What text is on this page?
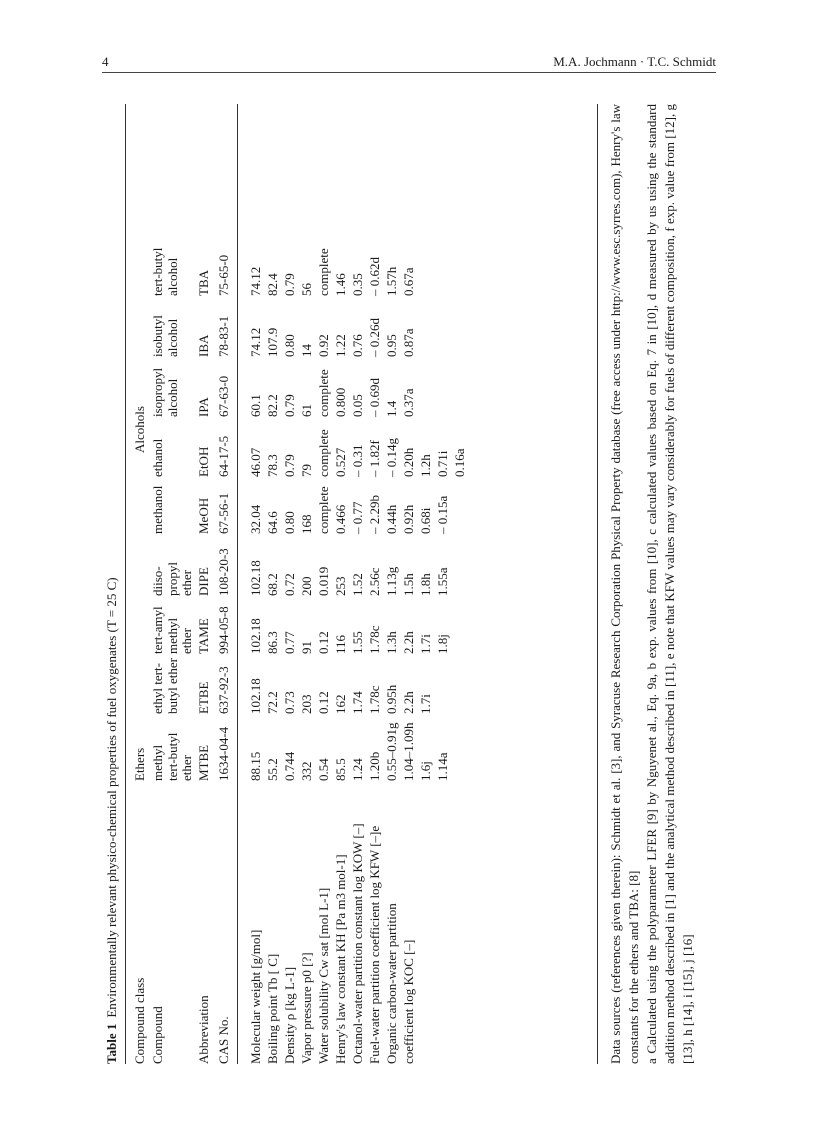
4	M.A. Jochmann · T.C. Schmidt
Table 1Environmentally relevant physico-chemical properties of fuel oxygenates (T = 25 C)
Compound class
Ethers
Alcohols
Compound Abbreviation CAS No.
methyl tert-butyl ether MTBE 1634-04-4
ethyl tert-butyl ether ETBE 637-92-3
tert-amyl methyl ether TAME 994-05-8
diiso-propyl ether DIPE 108-20-3
methanol MeOH 67-56-1
ethanol EtOH 64-17-5
isopropyl alcohol IPA 67-63-0
isobutyl alcohol IBA 78-83-1
tert-butyl alcohol TBA 75-65-0
Molecular weight [g/mol] Boiling point Tb [ C] Density ρ [kg L-1] Vapor pressure p0 [?] Water solubility Cw sat [mol L-1] Henry's law constant KH [Pa m3 mol-1] Octanol-water partition constant log KOW [–] Fuel-water partition coefficient log KFW [–]e Organic carbon-water partition coefficient log KOC [–]
88.15
102.18
102.18
102.18
32.04
46.07
60.1
74.12
74.12
55.2
72.2
86.3
68.2
64.6
78.3
82.2
107.9
82.4
0.744
0.73
0.77
0.72
0.80
0.79
0.79
0.80
0.79
332
203
91
200
168
79
61
14
56
0.54
0.12
0.12
0.019
complete
complete
complete
0.92
complete
85.5
162
116
253
0.466
0.527
0.800
1.22
1.46
1.24
1.74
1.55
1.52
– 0.77
– 0.31
0.05
0.76
0.35
1.20b
1.78c
1.78c
2.56c
– 2.29b
– 1.82f
– 0.69d
– 0.26d
– 0.62d
0.55–0.91g
0.95h
1.3h
1.13g
0.44h
– 0.14g
1.4
0.95
1.57h
1.04–1.09h
2.2h
2.2h
1.5h
0.92h
0.20h
0.37a
0.87a
0.67a
1.6j
1.7i
1.7i
1.8h
0.68i
1.2h
1.14a
1.8j
1.55a
– 0.15a
0.71i 0.16a	Data sources (references given therein): Schmidt et al. [3], and Syracuse Research Corporation Physical Property database (free access under http://www.esc.syrres.com), Henry's law constants for the ethers and TBA: [8] a Calculated using the polyparameter LFER [9] by Nguyenet al., Eq. 9a, b exp. values from [10], c calculated values based on Eq. 7 in [10], d measured by us using the standard addition method described in [1] and the analytical method described in [11], e note that KFW values may vary considerably for fuels of different composition, f exp. value from [12], g [13], h [14], i [15], j [16]
